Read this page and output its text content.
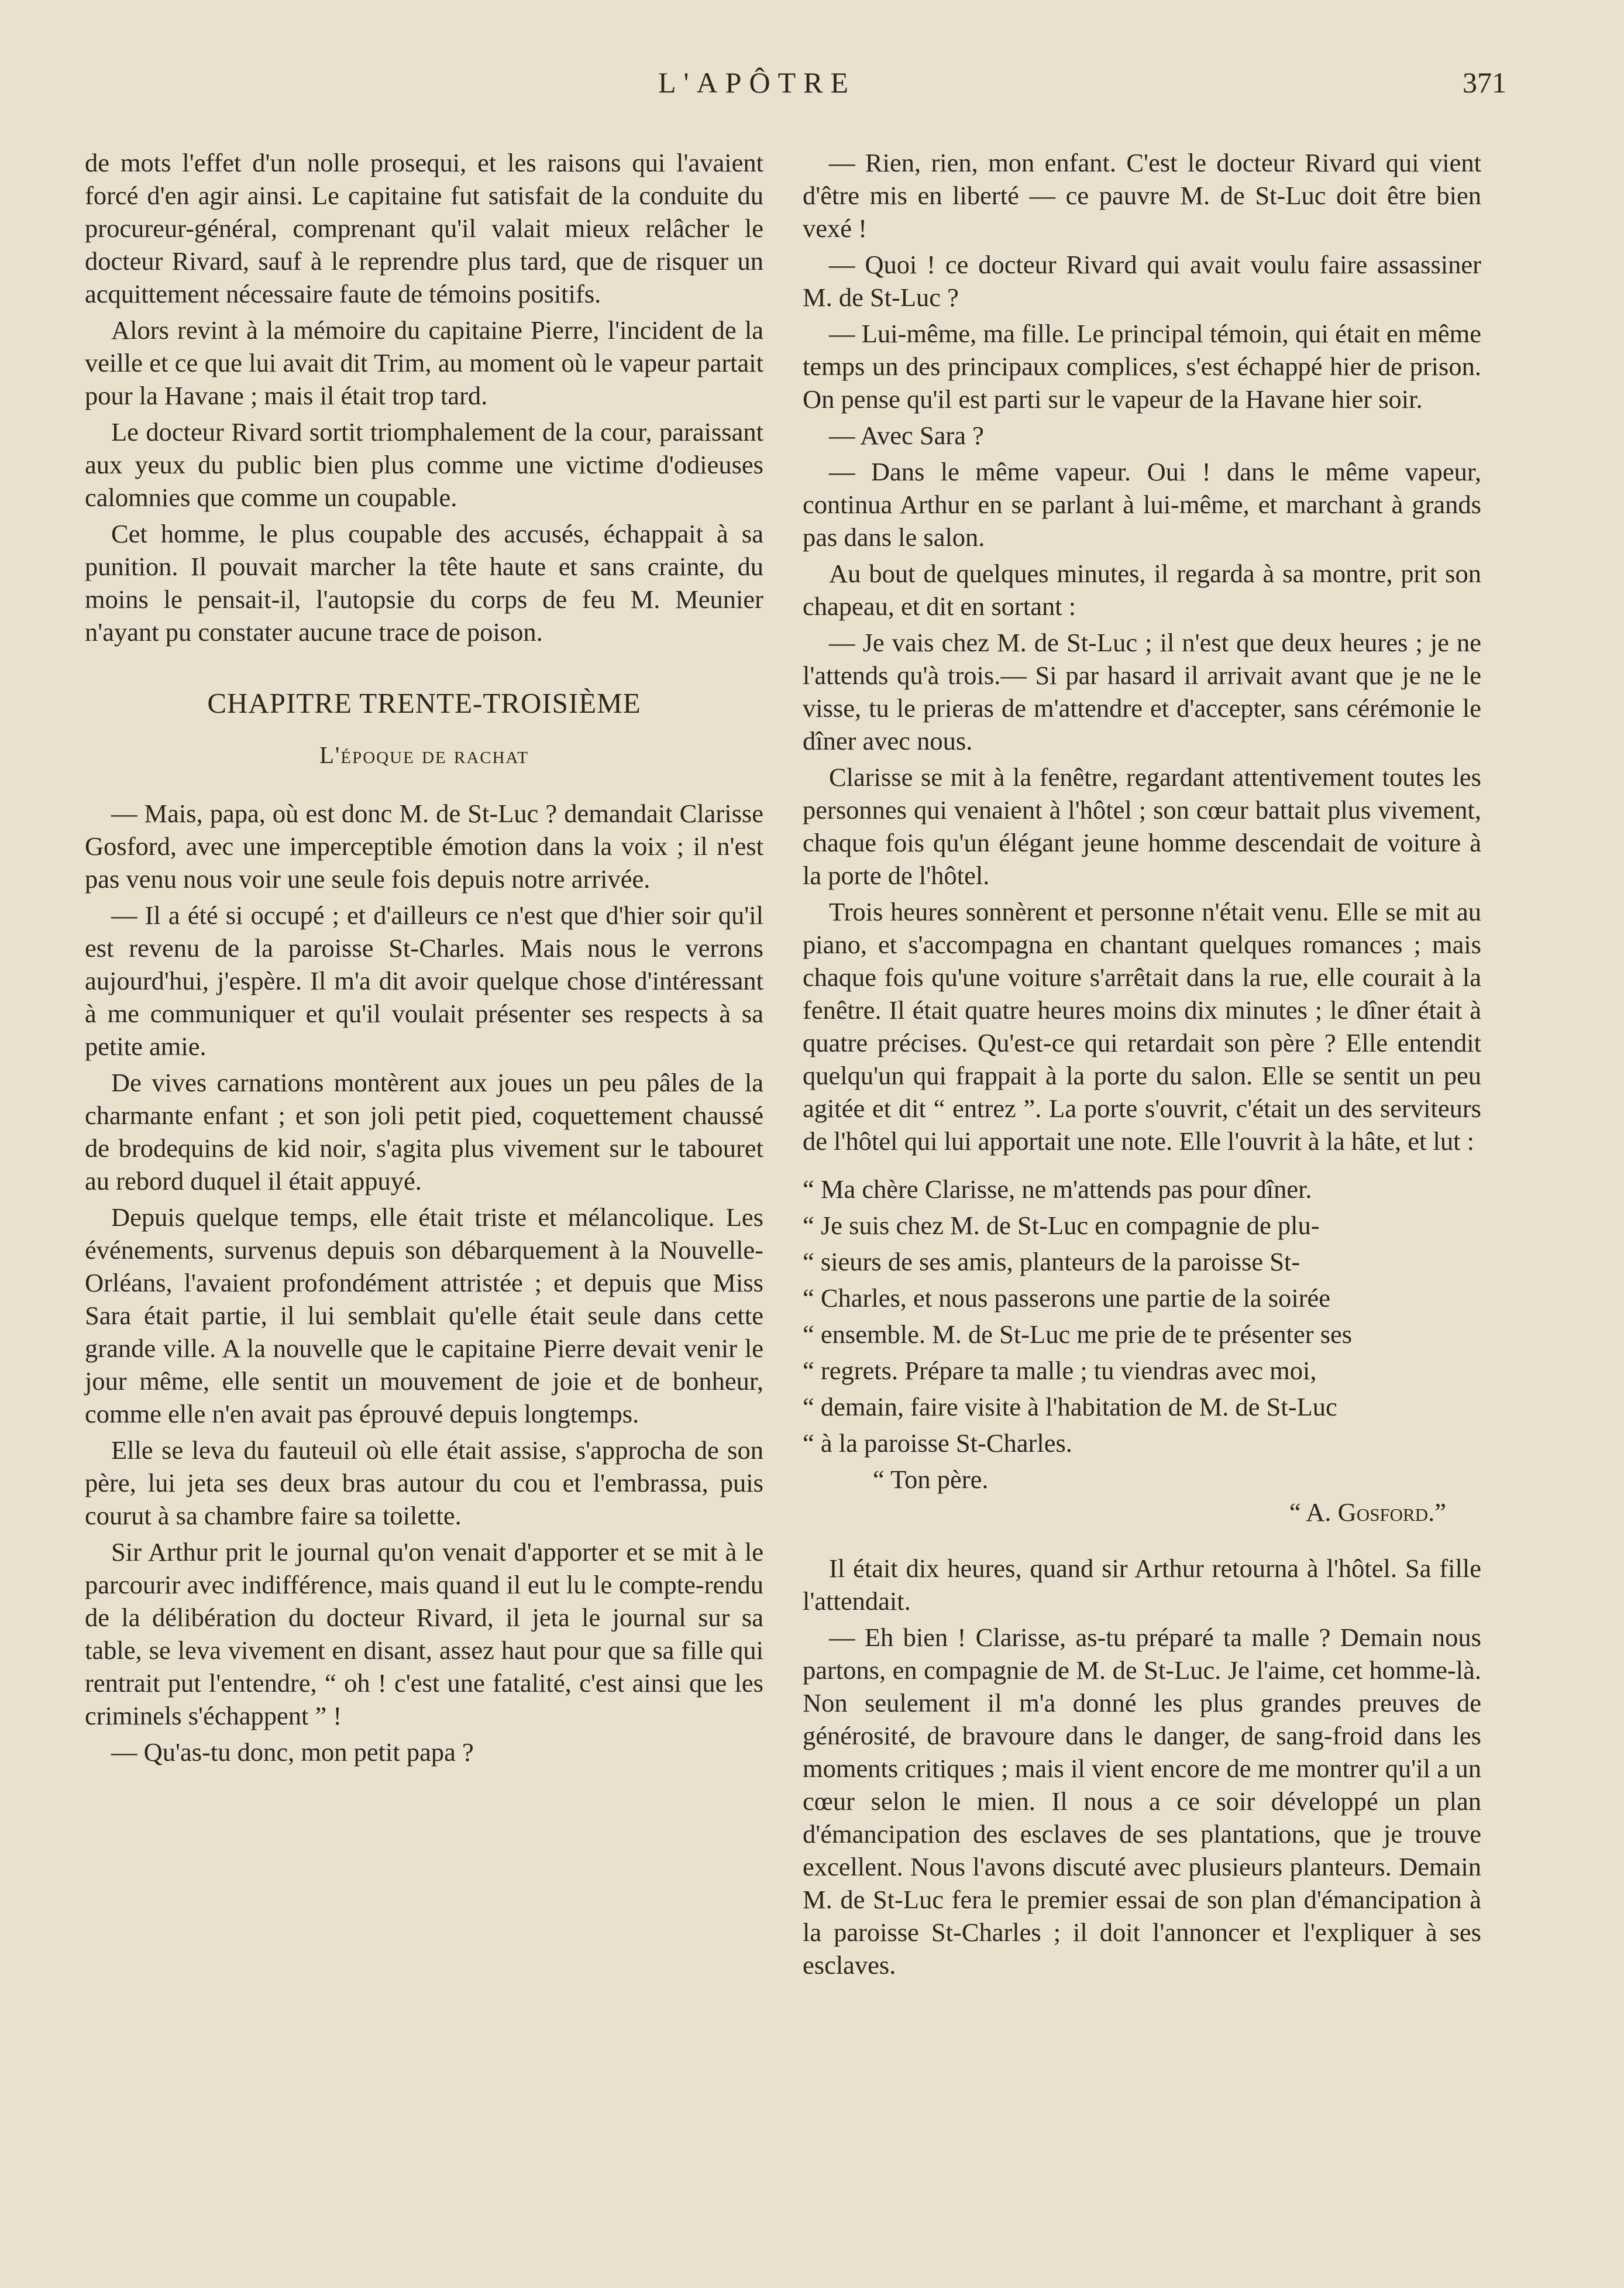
L'APÔTRE	371

de mots l'effet d'un nolle prosequi, et les raisons qui l'avaient forcé d'en agir ainsi. Le capitaine fut satisfait de la conduite du procureur-général, comprenant qu'il valait mieux relâcher le docteur Rivard, sauf à le reprendre plus tard, que de risquer un acquittement nécessaire faute de témoins positifs.

Alors revint à la mémoire du capitaine Pierre, l'incident de la veille et ce que lui avait dit Trim, au moment où le vapeur partait pour la Havane ; mais il était trop tard.

Le docteur Rivard sortit triomphalement de la cour, paraissant aux yeux du public bien plus comme une victime d'odieuses calomnies que comme un coupable.

Cet homme, le plus coupable des accusés, échappait à sa punition. Il pouvait marcher la tête haute et sans crainte, du moins le pensait-il, l'autopsie du corps de feu M. Meunier n'ayant pu constater aucune trace de poison.

CHAPITRE TRENTE-TROISIÈME
L'époque de rachat

— Mais, papa, où est donc M. de St-Luc ? demandait Clarisse Gosford, avec une imperceptible émotion dans la voix ; il n'est pas venu nous voir une seule fois depuis notre arrivée.

— Il a été si occupé ; et d'ailleurs ce n'est que d'hier soir qu'il est revenu de la paroisse St-Charles. Mais nous le verrons aujourd'hui, j'espère. Il m'a dit avoir quelque chose d'intéressant à me communiquer et qu'il voulait présenter ses respects à sa petite amie.

De vives carnations montèrent aux joues un peu pâles de la charmante enfant ; et son joli petit pied, coquettement chaussé de brodequins de kid noir, s'agita plus vivement sur le tabouret au rebord duquel il était appuyé.

Depuis quelque temps, elle était triste et mélancolique. Les événements, survenus depuis son débarquement à la Nouvelle-Orléans, l'avaient profondément attristée ; et depuis que Miss Sara était partie, il lui semblait qu'elle était seule dans cette grande ville. A la nouvelle que le capitaine Pierre devait venir le jour même, elle sentit un mouvement de joie et de bonheur, comme elle n'en avait pas éprouvé depuis longtemps.

Elle se leva du fauteuil où elle était assise, s'approcha de son père, lui jeta ses deux bras autour du cou et l'embrassa, puis courut à sa chambre faire sa toilette.

Sir Arthur prit le journal qu'on venait d'apporter et se mit à le parcourir avec indifférence, mais quand il eut lu le compte-rendu de la délibération du docteur Rivard, il jeta le journal sur sa table, se leva vivement en disant, assez haut pour que sa fille qui rentrait put l'entendre, “ oh ! c'est une fatalité, c'est ainsi que les criminels s'échappent ” !

— Qu'as-tu donc, mon petit papa ?

— Rien, rien, mon enfant. C'est le docteur Rivard qui vient d'être mis en liberté — ce pauvre M. de St-Luc doit être bien vexé !

— Quoi ! ce docteur Rivard qui avait voulu faire assassiner M. de St-Luc ?

— Lui-même, ma fille. Le principal témoin, qui était en même temps un des principaux complices, s'est échappé hier de prison. On pense qu'il est parti sur le vapeur de la Havane hier soir.

— Avec Sara ?

— Dans le même vapeur. Oui ! dans le même vapeur, continua Arthur en se parlant à lui-même, et marchant à grands pas dans le salon.

Au bout de quelques minutes, il regarda à sa montre, prit son chapeau, et dit en sortant :

— Je vais chez M. de St-Luc ; il n'est que deux heures ; je ne l'attends qu'à trois.— Si par hasard il arrivait avant que je ne le visse, tu le prieras de m'attendre et d'accepter, sans cérémonie le dîner avec nous.

Clarisse se mit à la fenêtre, regardant attentivement toutes les personnes qui venaient à l'hôtel ; son cœur battait plus vivement, chaque fois qu'un élégant jeune homme descendait de voiture à la porte de l'hôtel.

Trois heures sonnèrent et personne n'était venu. Elle se mit au piano, et s'accompagna en chantant quelques romances ; mais chaque fois qu'une voiture s'arrêtait dans la rue, elle courait à la fenêtre. Il était quatre heures moins dix minutes ; le dîner était à quatre précises. Qu'est-ce qui retardait son père ? Elle entendit quelqu'un qui frappait à la porte du salon. Elle se sentit un peu agitée et dit “ entrez ”. La porte s'ouvrit, c'était un des serviteurs de l'hôtel qui lui apportait une note. Elle l'ouvrit à la hâte, et lut :

“ Ma chère Clarisse, ne m'attends pas pour dîner.

“ Je suis chez M. de St-Luc en compagnie de plu-

“ sieurs de ses amis, planteurs de la paroisse St-

“ Charles, et nous passerons une partie de la soirée

“ ensemble. M. de St-Luc me prie de te présenter ses

“ regrets. Prépare ta malle ; tu viendras avec moi,

“ demain, faire visite à l'habitation de M. de St-Luc

“ à la paroisse St-Charles.

“ Ton père.

“ A. Gosford.”

Il était dix heures, quand sir Arthur retourna à l'hôtel. Sa fille l'attendait.

— Eh bien ! Clarisse, as-tu préparé ta malle ? Demain nous partons, en compagnie de M. de St-Luc. Je l'aime, cet homme-là. Non seulement il m'a donné les plus grandes preuves de générosité, de bravoure dans le danger, de sang-froid dans les moments critiques ; mais il vient encore de me montrer qu'il a un cœur selon le mien. Il nous a ce soir développé un plan d'émancipation des esclaves de ses plantations, que je trouve excellent. Nous l'avons discuté avec plusieurs planteurs. Demain M. de St-Luc fera le premier essai de son plan d'émancipation à la paroisse St-Charles ; il doit l'annoncer et l'expliquer à ses esclaves.
